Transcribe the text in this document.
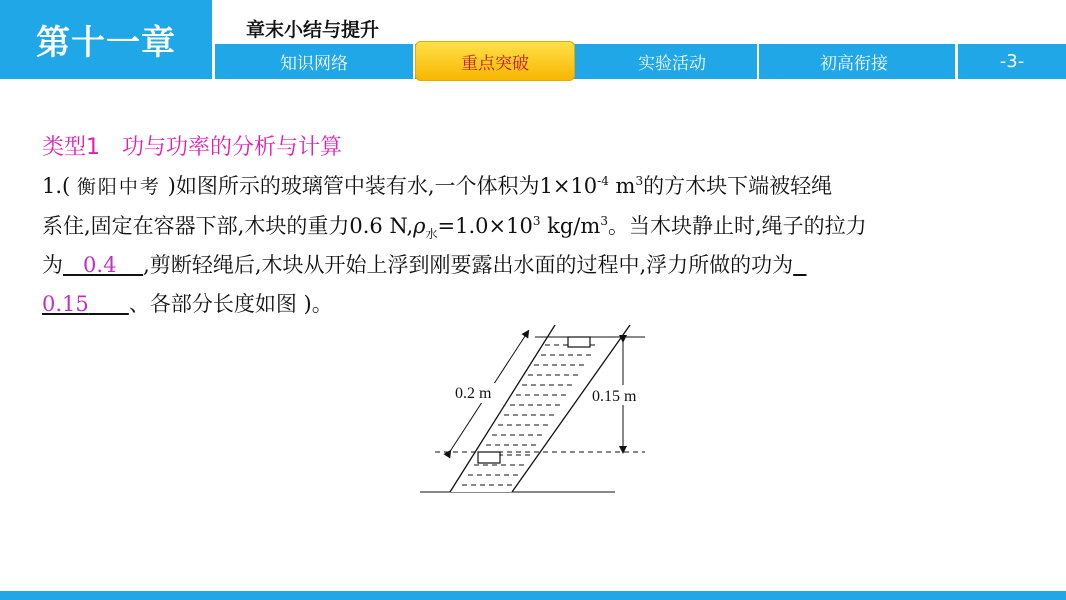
第十一章	章末小结与提升
知识网络	重点突破	实验活动	初高衔接	-3-
类型1　功与功率的分析与计算
1.( 衡阳中考 )如图所示的玻璃管中装有水,一个体积为$1\times 10^{-4}$ $m^3$的方木块下端被轻绳
系住,固定在容器下部,木块的重力0.6 $N,\rho_水=1.0\times 10^3$ $kg/m^3$。当木块静止时,绳子的拉力
为 0.4 ,剪断轻绳后,木块从开始上浮到刚要露出水面的过程中,浮力所做的功为
0.15 、各部分长度如图 )。
0.2 m	0.15 m
